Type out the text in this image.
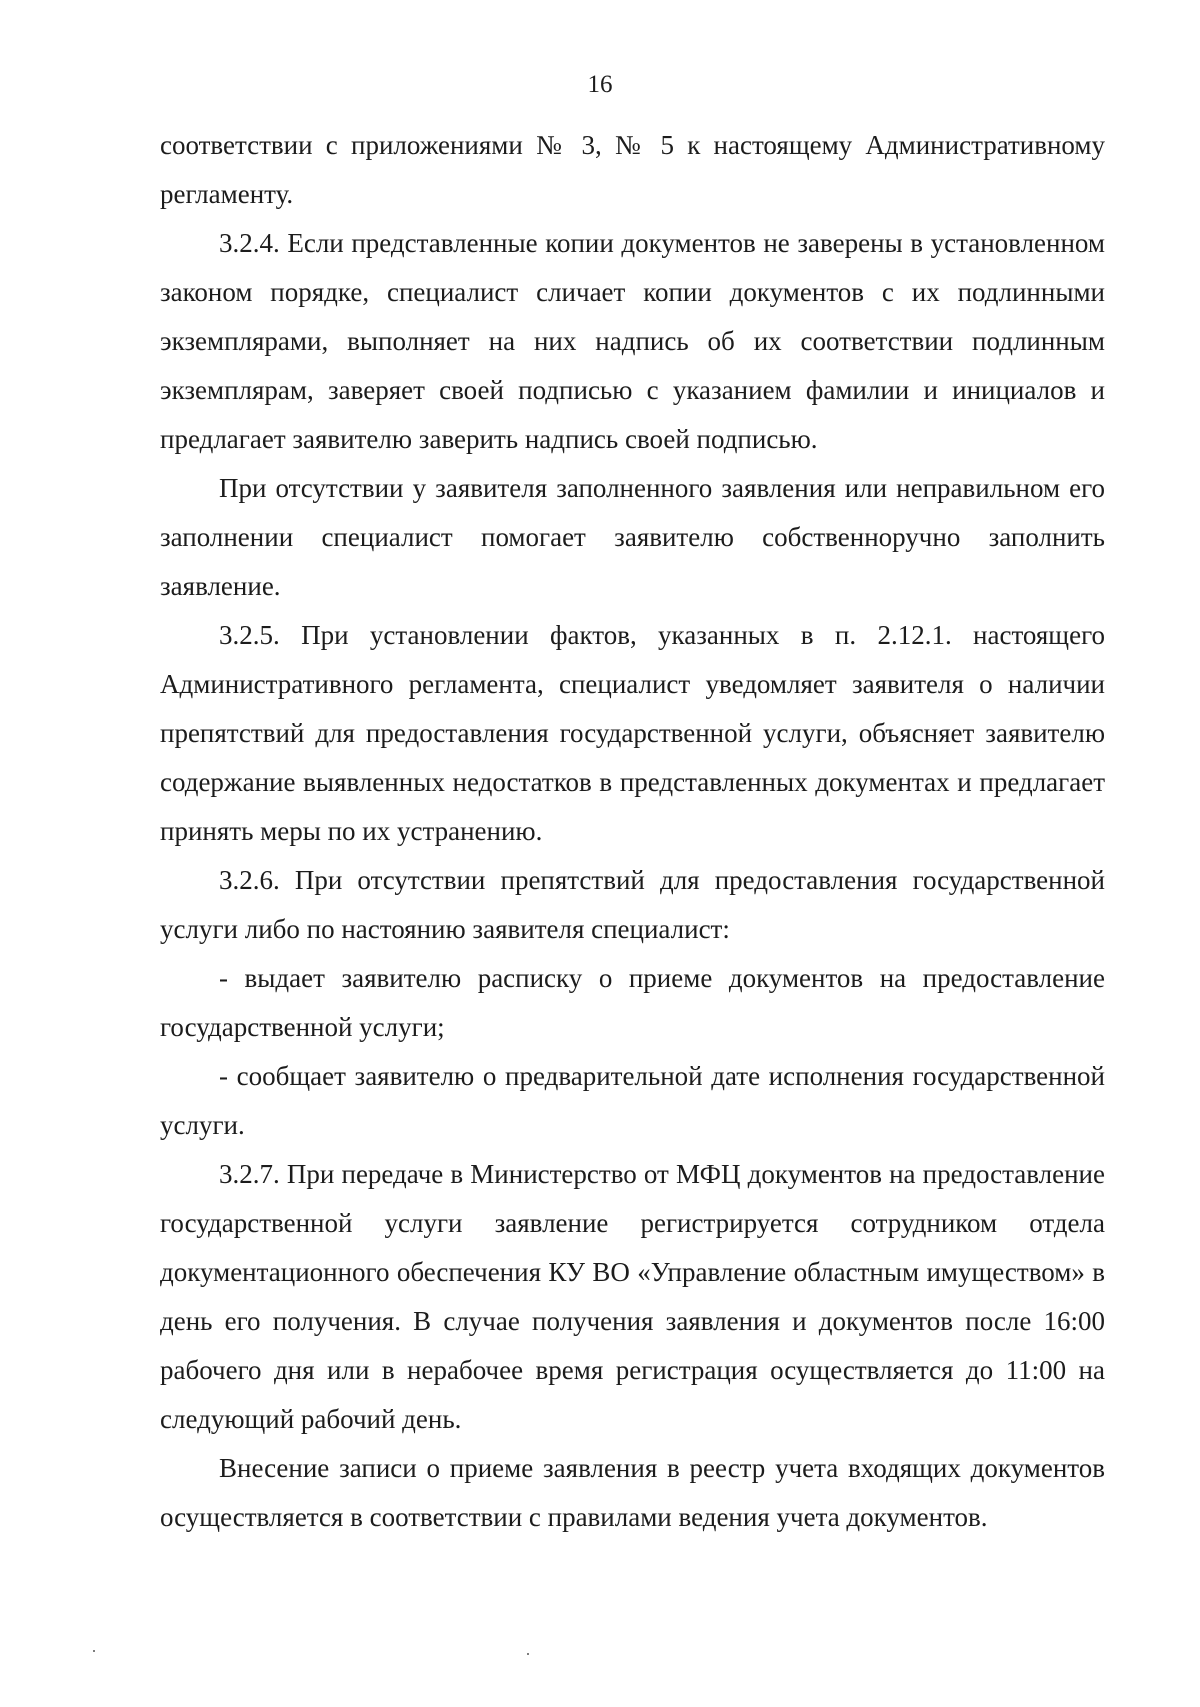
16

соответствии с приложениями № 3, № 5 к настоящему Административному регламенту.

3.2.4. Если представленные копии документов не заверены в установленном законом порядке, специалист сличает копии документов с их подлинными экземплярами, выполняет на них надпись об их соответствии подлинным экземплярам, заверяет своей подписью с указанием фамилии и инициалов и предлагает заявителю заверить надпись своей подписью.

При отсутствии у заявителя заполненного заявления или неправильном его заполнении специалист помогает заявителю собственноручно заполнить заявление.

3.2.5. При установлении фактов, указанных в п. 2.12.1. настоящего Административного регламента, специалист уведомляет заявителя о наличии препятствий для предоставления государственной услуги, объясняет заявителю содержание выявленных недостатков в представленных документах и предлагает принять меры по их устранению.

3.2.6. При отсутствии препятствий для предоставления государственной услуги либо по настоянию заявителя специалист:

- выдает заявителю расписку о приеме документов на предоставление государственной услуги;

- сообщает заявителю о предварительной дате исполнения государственной услуги.

3.2.7. При передаче в Министерство от МФЦ документов на предоставление государственной услуги заявление регистрируется сотрудником отдела документационного обеспечения КУ ВО «Управление областным имуществом» в день его получения. В случае получения заявления и документов после 16:00 рабочего дня или в нерабочее время регистрация осуществляется до 11:00 на следующий рабочий день.

Внесение записи о приеме заявления в реестр учета входящих документов осуществляется в соответствии с правилами ведения учета документов.
